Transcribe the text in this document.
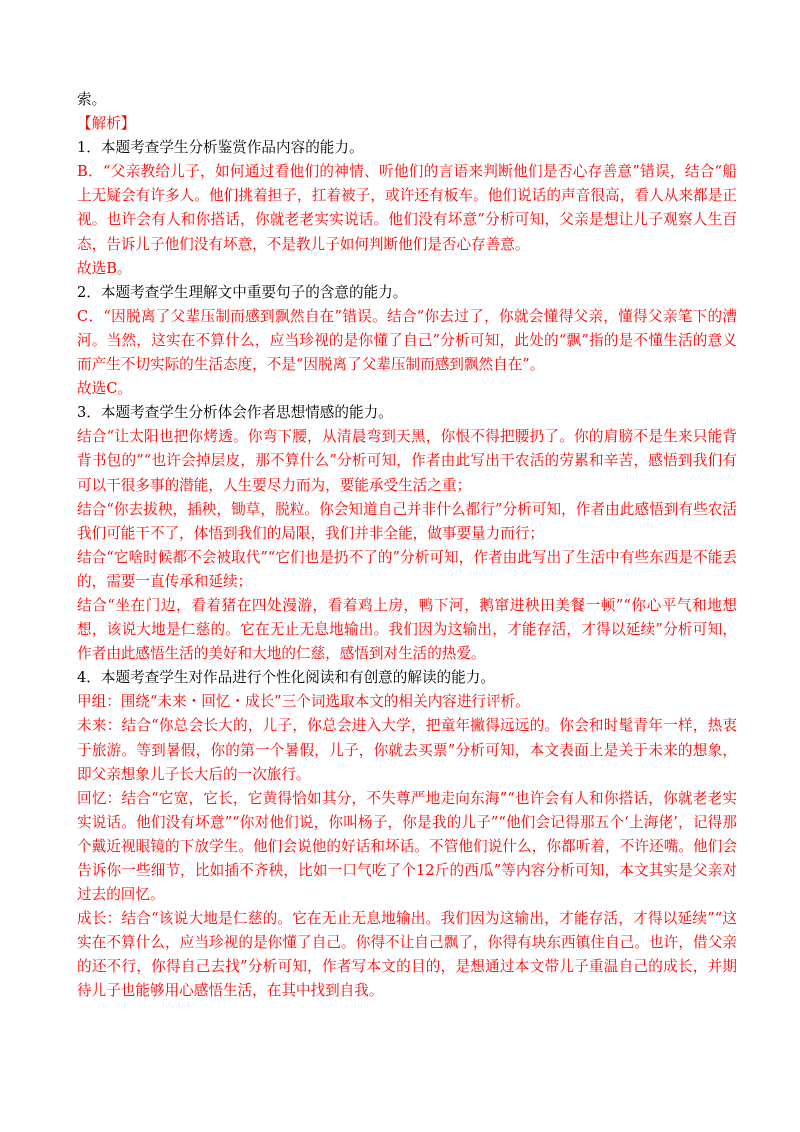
索。

【解析】

1．本题考查学生分析鉴赏作品内容的能力。

B．“父亲教给儿子，如何通过看他们的神情、听他们的言语来判断他们是否心存善意”错误，结合“船上无疑会有许多人。他们挑着担子，扛着被子，或许还有板车。他们说话的声音很高，看人从来都是正视。也许会有人和你搭话，你就老老实实说话。他们没有坏意”分析可知，父亲是想让儿子观察人生百态，告诉儿子他们没有坏意，不是教儿子如何判断他们是否心存善意。

故选B。

2．本题考查学生理解文中重要句子的含意的能力。

C．“因脱离了父辈压制而感到飘然自在”错误。结合“你去过了，你就会懂得父亲，懂得父亲笔下的漕河。当然，这实在不算什么，应当珍视的是你懂了自己”分析可知，此处的“飘”指的是不懂生活的意义而产生不切实际的生活态度，不是“因脱离了父辈压制而感到飘然自在”。

故选C。

3．本题考查学生分析体会作者思想情感的能力。

结合“让太阳也把你烤透。你弯下腰，从清晨弯到天黑，你恨不得把腰扔了。你的肩膀不是生来只能背背书包的”“也许会掉层皮，那不算什么”分析可知，作者由此写出干农活的劳累和辛苦，感悟到我们有可以干很多事的潜能，人生要尽力而为，要能承受生活之重；

结合“你去拔秧，插秧，锄草，脱粒。你会知道自己并非什么都行”分析可知，作者由此感悟到有些农活我们可能干不了，体悟到我们的局限，我们并非全能，做事要量力而行；

结合“它啥时候都不会被取代”“它们也是扔不了的”分析可知，作者由此写出了生活中有些东西是不能丢的，需要一直传承和延续；

结合“坐在门边，看着猪在四处漫游，看着鸡上房，鸭下河，鹅窜进秧田美餐一顿”“你心平气和地想想，该说大地是仁慈的。它在无止无息地输出。我们因为这输出，才能存活，才得以延续”分析可知，作者由此感悟生活的美好和大地的仁慈，感悟到对生活的热爱。

4．本题考查学生对作品进行个性化阅读和有创意的解读的能力。

甲组：围绕“未来・回忆・成长”三个词选取本文的相关内容进行评析。

未来：结合“你总会长大的，儿子，你总会进入大学，把童年撇得远远的。你会和时髦青年一样，热衷于旅游。等到暑假，你的第一个暑假，儿子，你就去买票”分析可知，本文表面上是关于未来的想象，即父亲想象儿子长大后的一次旅行。

回忆：结合“它宽，它长，它黄得恰如其分，不失尊严地走向东海”“也许会有人和你搭话，你就老老实实说话。他们没有坏意”“你对他们说，你叫杨子，你是我的儿子”“他们会记得那五个‘上海佬’，记得那个戴近视眼镜的下放学生。他们会说他的好话和坏话。不管他们说什么，你都听着，不许还嘴。他们会告诉你一些细节，比如插不齐秧，比如一口气吃了个12斤的西瓜”等内容分析可知，本文其实是父亲对过去的回忆。

成长：结合“该说大地是仁慈的。它在无止无息地输出。我们因为这输出，才能存活，才得以延续”“这实在不算什么，应当珍视的是你懂了自己。你得不让自己飘了，你得有块东西镇住自己。也许，借父亲的还不行，你得自己去找”分析可知，作者写本文的目的，是想通过本文带儿子重温自己的成长，并期待儿子也能够用心感悟生活，在其中找到自我。
